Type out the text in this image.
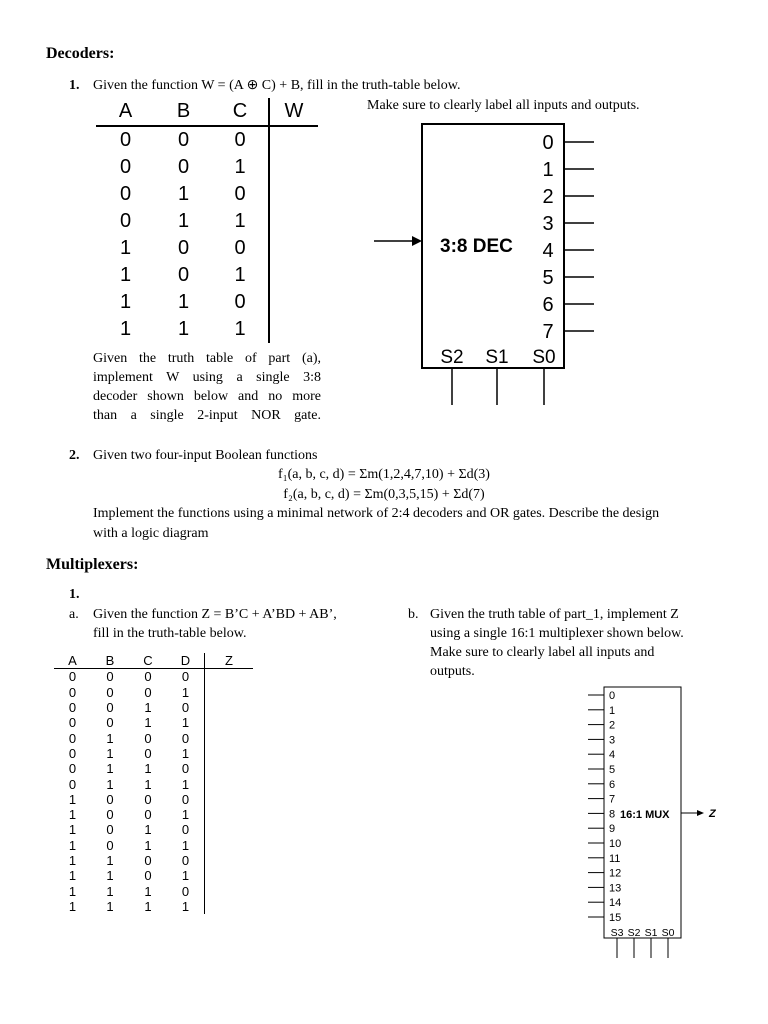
Decoders:
1. Given the function W = (A ⊕ C) + B, fill in the truth-table below.
Make sure to clearly label all inputs and outputs.
A	B	C	W
0	0	0	
0	0	1	
0	1	0	
0	1	1	
1	0	0	
1	0	1	
1	1	0	
1	1	1	
0
1
2
3
4
5
6
7
3:8 DEC
S2 S1 S0
Given the truth table of part (a),
implement W using a single 3:8
decoder shown below and no more
than a single 2-input NOR gate.
2. Given two four-input Boolean functions
f₁(a, b, c, d) = Σm(1,2,4,7,10) + Σd(3)
f₂(a, b, c, d) = Σm(0,3,5,15) + Σd(7)
Implement the functions using a minimal network of 2:4 decoders and OR gates. Describe the design
with a logic diagram
Multiplexers:
1.
a. Given the function Z = B’C + A’BD + AB’,
fill in the truth-table below.
b. Given the truth table of part_1, implement Z
using a single 16:1 multiplexer shown below.
Make sure to clearly label all inputs and
outputs.
A	B	C	D	Z
0	0	0	0	
0	0	0	1	
0	0	1	0	
0	0	1	1	
0	1	0	0	
0	1	0	1	
0	1	1	0	
0	1	1	1	
1	0	0	0	
1	0	0	1	
1	0	1	0	
1	0	1	1	
1	1	0	0	
1	1	0	1	
1	1	1	0	
1	1	1	1	
0
1
2
3
4
5
6
7
8
9
10
11
12
13
14
15
16:1 MUX	Z
S3 S2 S1 S0
